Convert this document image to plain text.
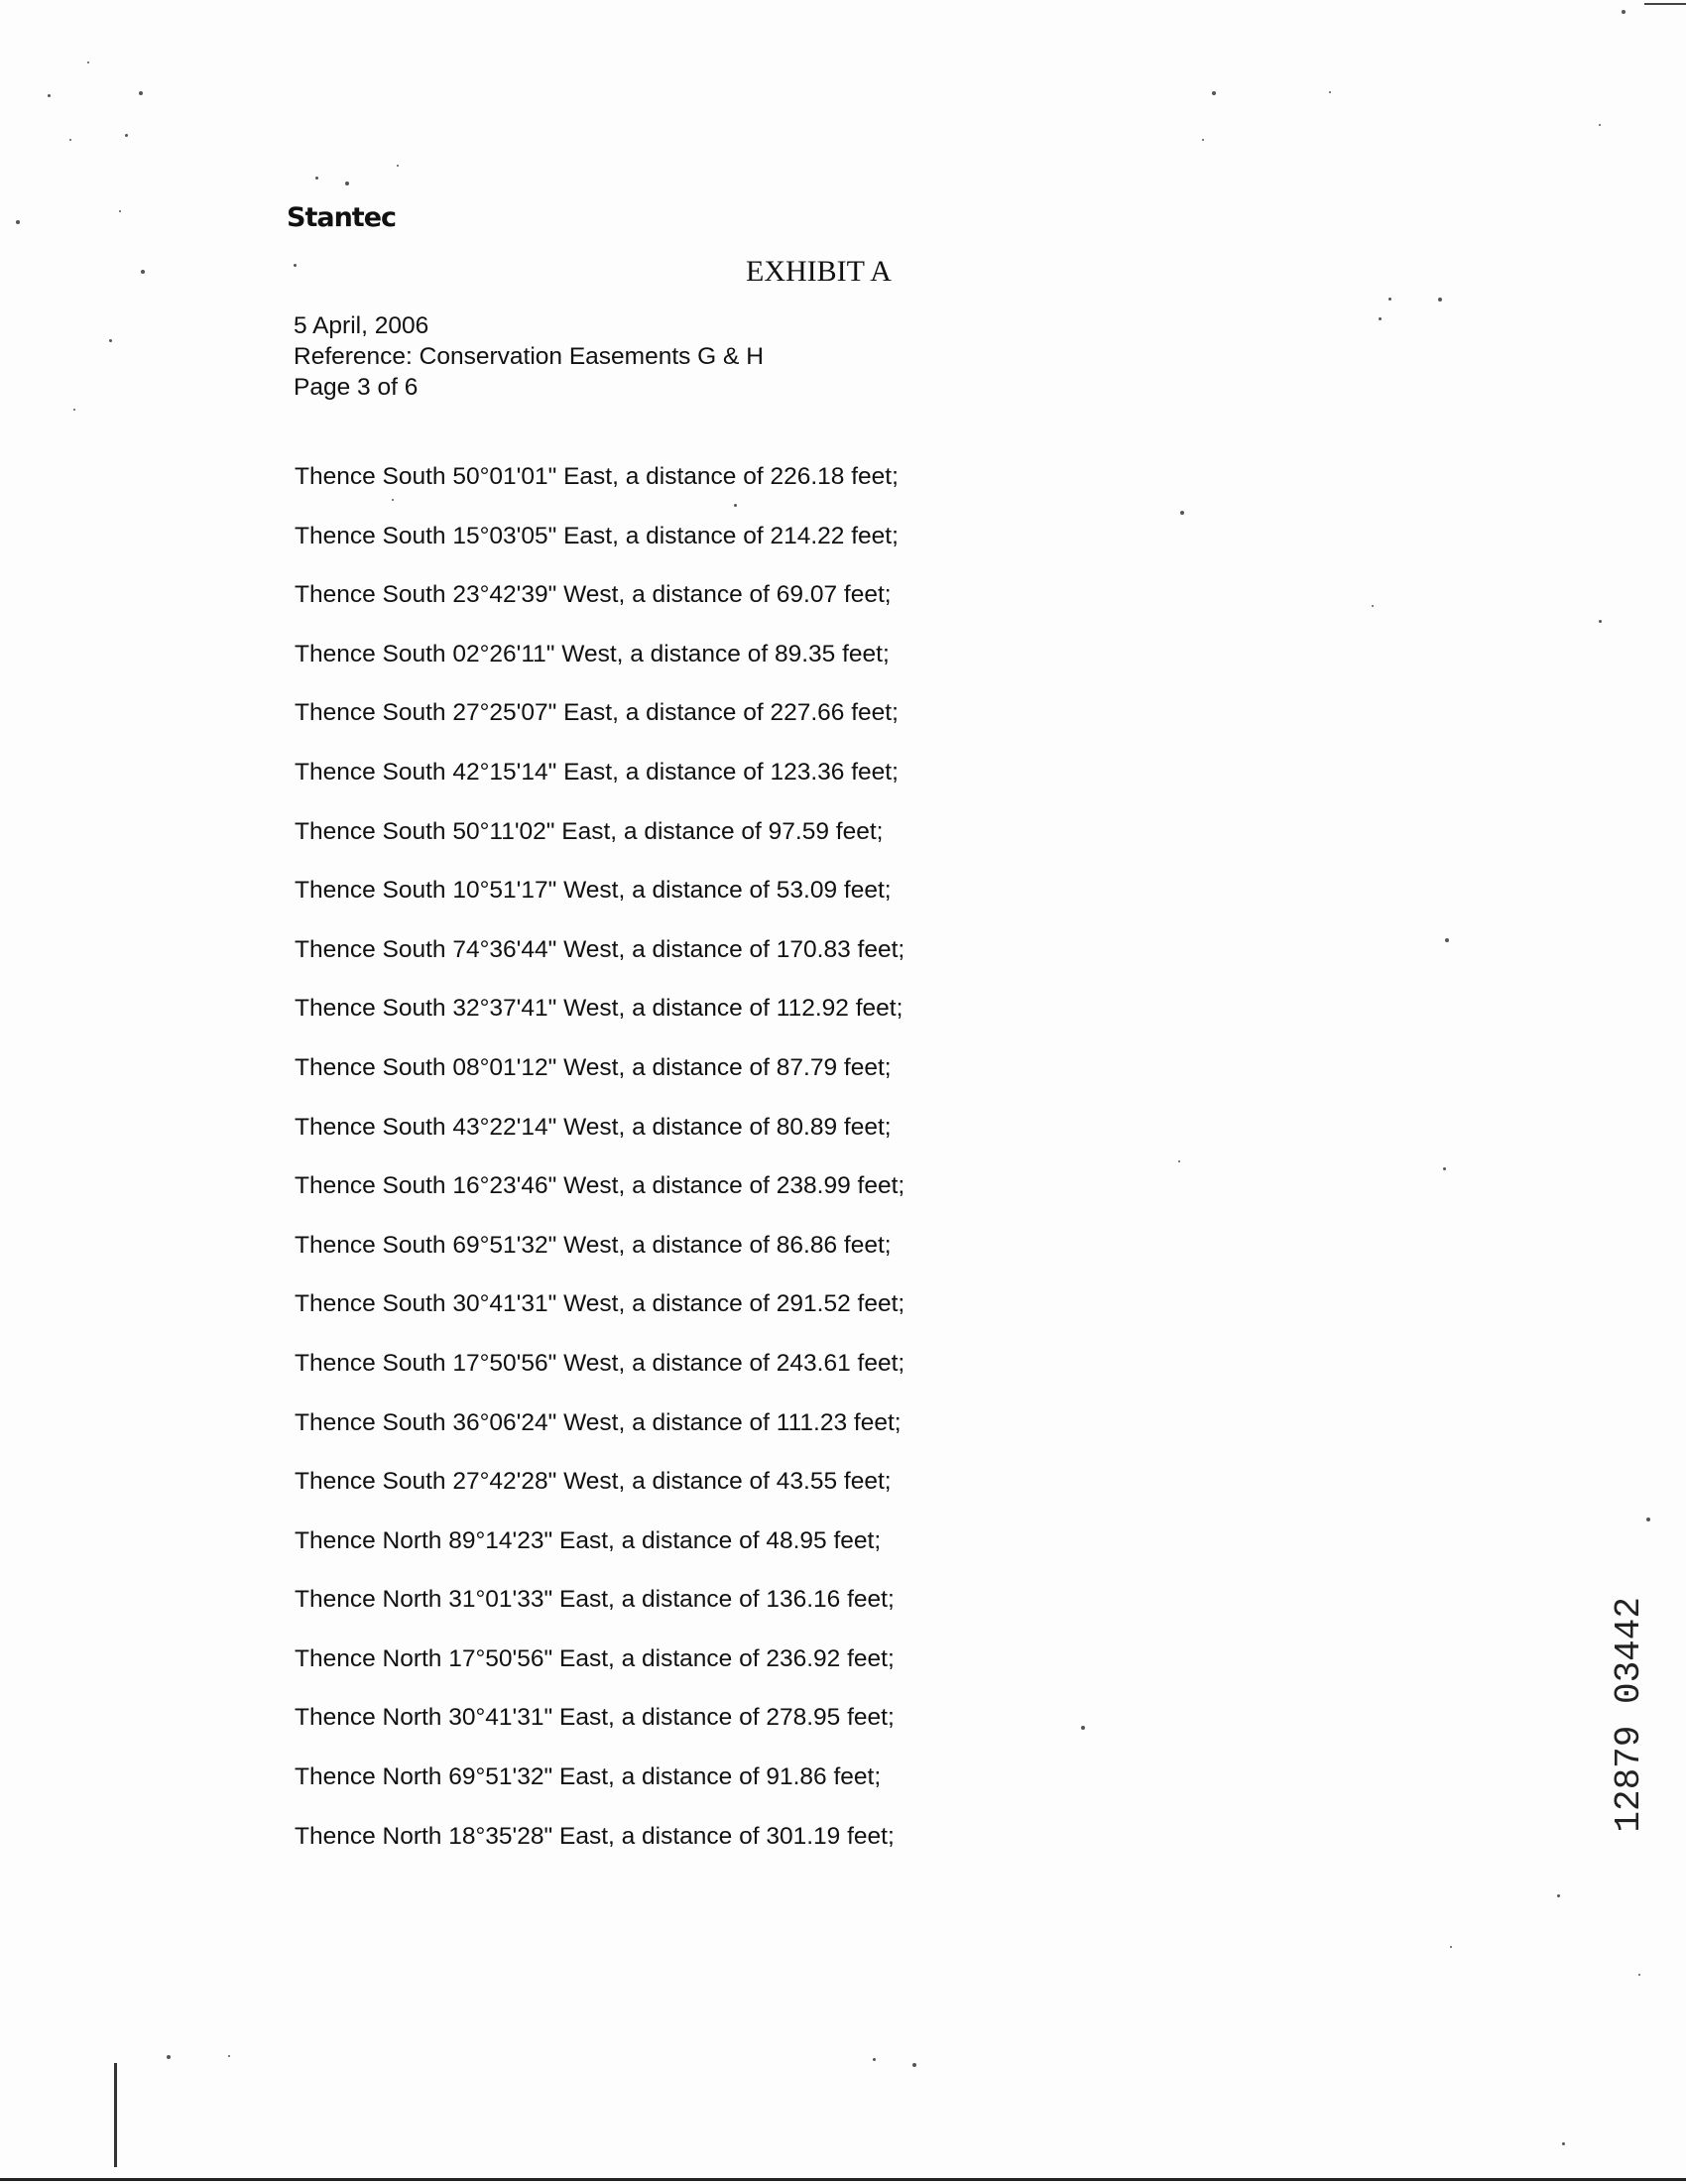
Stantec
EXHIBIT A
5 April, 2006
Reference: Conservation Easements G & H
Page 3 of 6
Thence South 50°01'01" East, a distance of 226.18 feet;
Thence South 15°03'05" East, a distance of 214.22 feet;
Thence South 23°42'39" West, a distance of 69.07 feet;
Thence South 02°26'11" West, a distance of 89.35 feet;
Thence South 27°25'07" East, a distance of 227.66 feet;
Thence South 42°15'14" East, a distance of 123.36 feet;
Thence South 50°11'02" East, a distance of 97.59 feet;
Thence South 10°51'17" West, a distance of 53.09 feet;
Thence South 74°36'44" West, a distance of 170.83 feet;
Thence South 32°37'41" West, a distance of 112.92 feet;
Thence South 08°01'12" West, a distance of 87.79 feet;
Thence South 43°22'14" West, a distance of 80.89 feet;
Thence South 16°23'46" West, a distance of 238.99 feet;
Thence South 69°51'32" West, a distance of 86.86 feet;
Thence South 30°41'31" West, a distance of 291.52 feet;
Thence South 17°50'56" West, a distance of 243.61 feet;
Thence South 36°06'24" West, a distance of 111.23 feet;
Thence South 27°42'28" West, a distance of 43.55 feet;
Thence North 89°14'23" East, a distance of 48.95 feet;
Thence North 31°01'33" East, a distance of 136.16 feet;
Thence North 17°50'56" East, a distance of 236.92 feet;
Thence North 30°41'31" East, a distance of 278.95 feet;
Thence North 69°51'32" East, a distance of 91.86 feet;
Thence North 18°35'28" East, a distance of 301.19 feet;
12879 03442
